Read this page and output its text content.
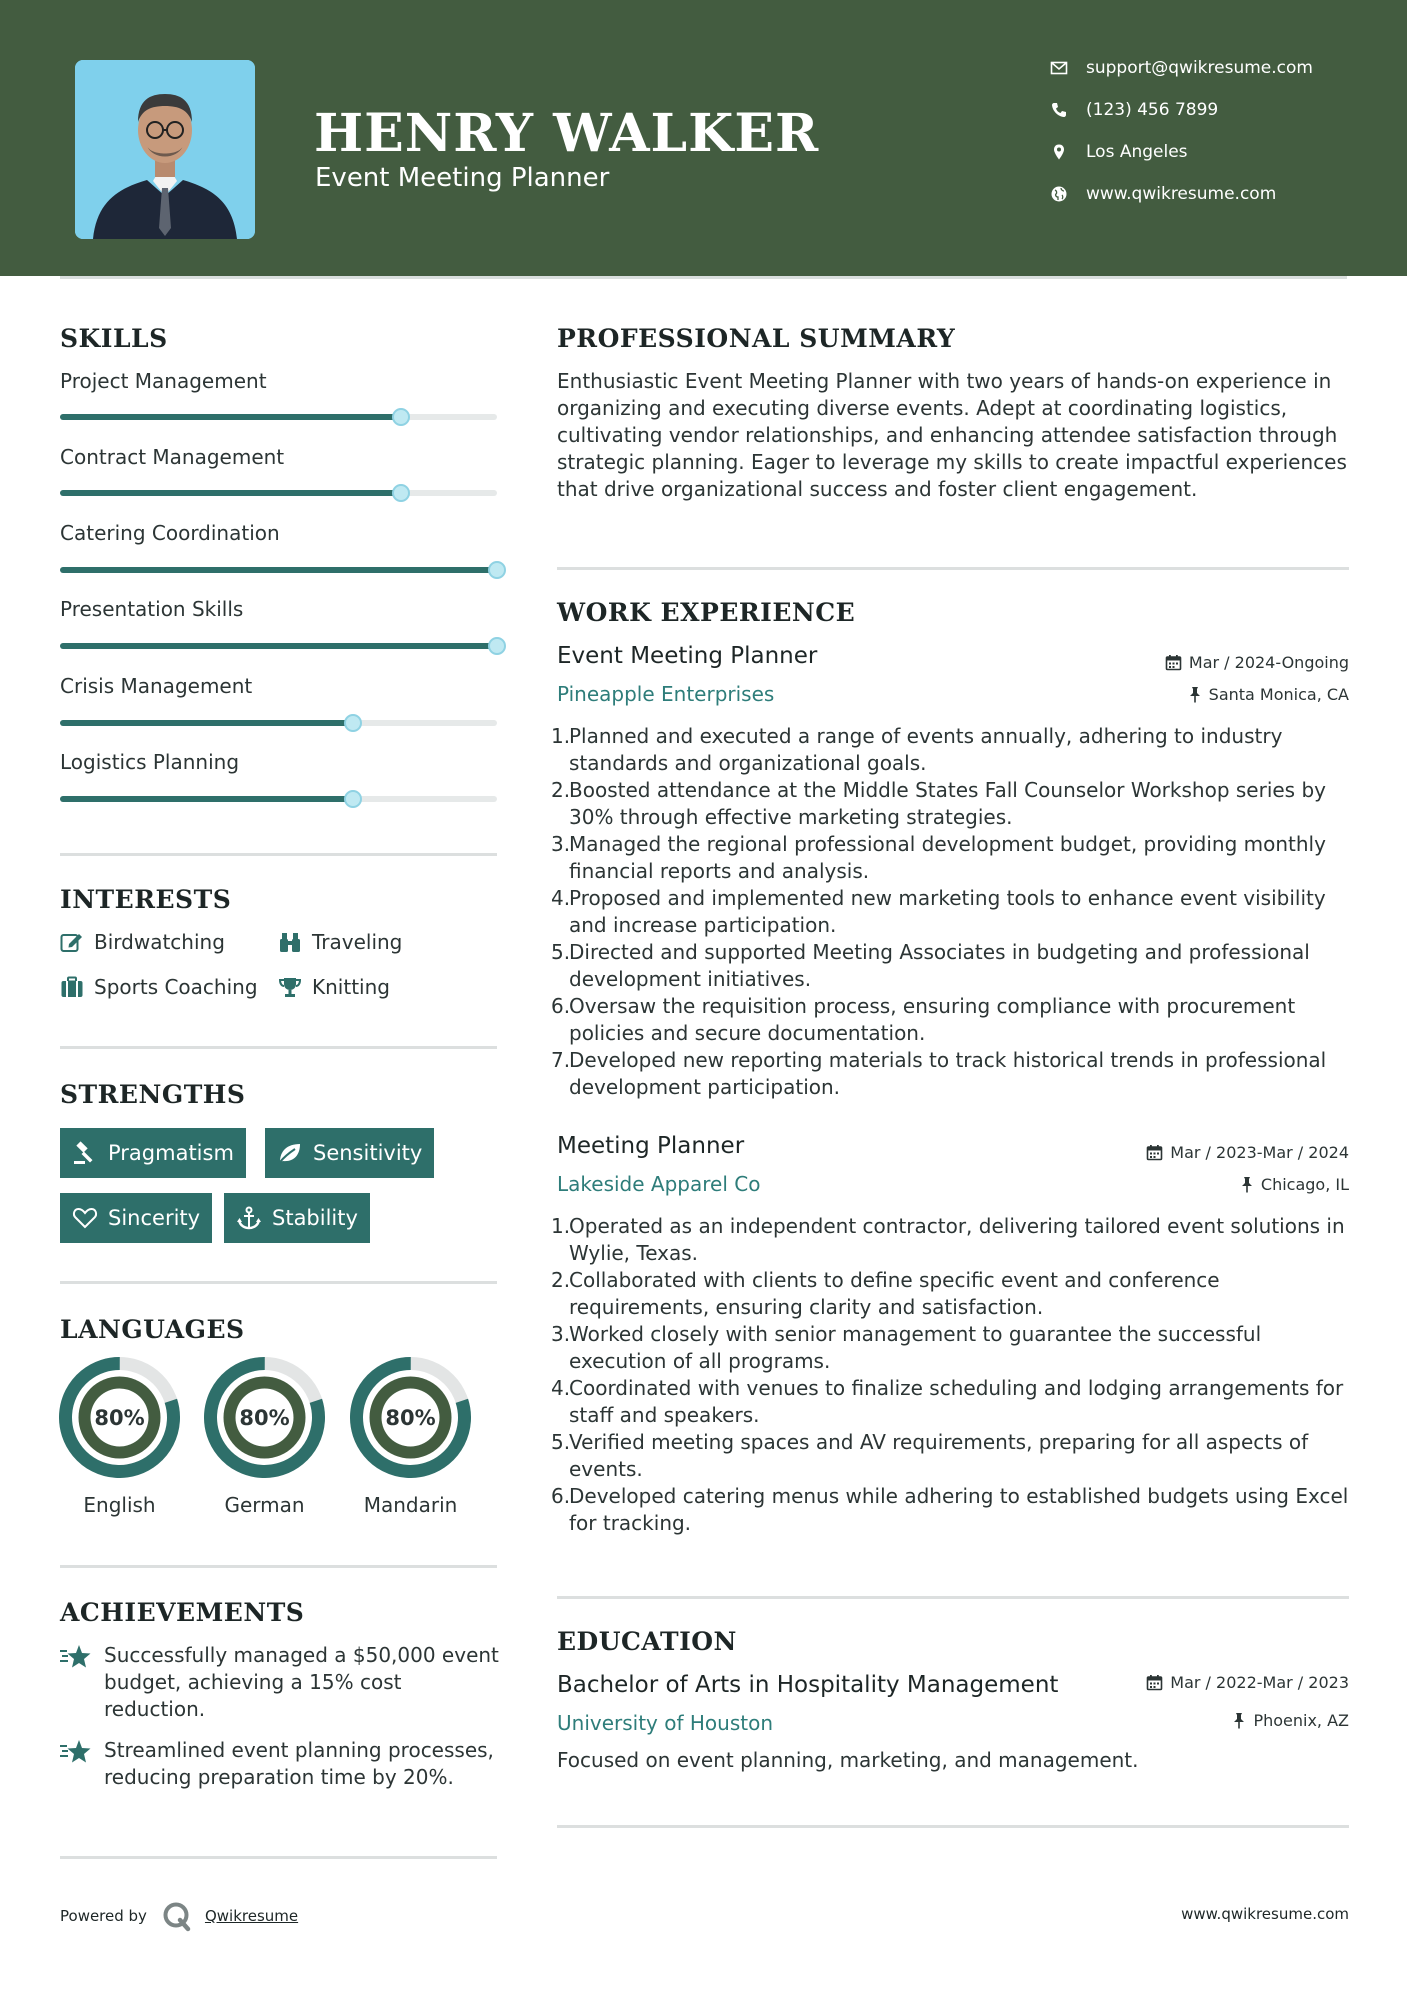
HENRY WALKER
Event Meeting Planner
support@qwikresume.com
(123) 456 7899
Los Angeles
www.qwikresume.com
SKILLS
Project Management
Contract Management
Catering Coordination
Presentation Skills
Crisis Management
Logistics Planning
INTERESTS
Birdwatching	Traveling
Sports Coaching	Knitting
STRENGTHS
Pragmatism	Sensitivity
Sincerity	Stability
LANGUAGES
80%
English
80%
German
80%
Mandarin
ACHIEVEMENTS
Successfully managed a $50,000 event budget, achieving a 15% cost reduction.
Streamlined event planning processes, reducing preparation time by 20%.
PROFESSIONAL SUMMARY
Enthusiastic Event Meeting Planner with two years of hands-on experience in organizing and executing diverse events. Adept at coordinating logistics, cultivating vendor relationships, and enhancing attendee satisfaction through strategic planning. Eager to leverage my skills to create impactful experiences that drive organizational success and foster client engagement.
WORK EXPERIENCE
Event Meeting Planner	Mar / 2024-Ongoing
Pineapple Enterprises	Santa Monica, CA
1.
Planned and executed a range of events annually, adhering to industry standards and organizational goals.
2.
Boosted attendance at the Middle States Fall Counselor Workshop series by 30% through effective marketing strategies.
3.
Managed the regional professional development budget, providing monthly financial reports and analysis.
4.
Proposed and implemented new marketing tools to enhance event visibility and increase participation.
5.
Directed and supported Meeting Associates in budgeting and professional development initiatives.
6.
Oversaw the requisition process, ensuring compliance with procurement policies and secure documentation.
7.
Developed new reporting materials to track historical trends in professional development participation.
Meeting Planner	Mar / 2023-Mar / 2024
Lakeside Apparel Co	Chicago, IL
1.
Operated as an independent contractor, delivering tailored event solutions in Wylie, Texas.
2.
Collaborated with clients to define specific event and conference requirements, ensuring clarity and satisfaction.
3.
Worked closely with senior management to guarantee the successful execution of all programs.
4.
Coordinated with venues to finalize scheduling and lodging arrangements for staff and speakers.
5.
Verified meeting spaces and AV requirements, preparing for all aspects of events.
6.
Developed catering menus while adhering to established budgets using Excel for tracking.
EDUCATION
Bachelor of Arts in Hospitality Management	Mar / 2022-Mar / 2023
University of Houston	Phoenix, AZ
Focused on event planning, marketing, and management.
Powered by	Qwikresume	www.qwikresume.com
